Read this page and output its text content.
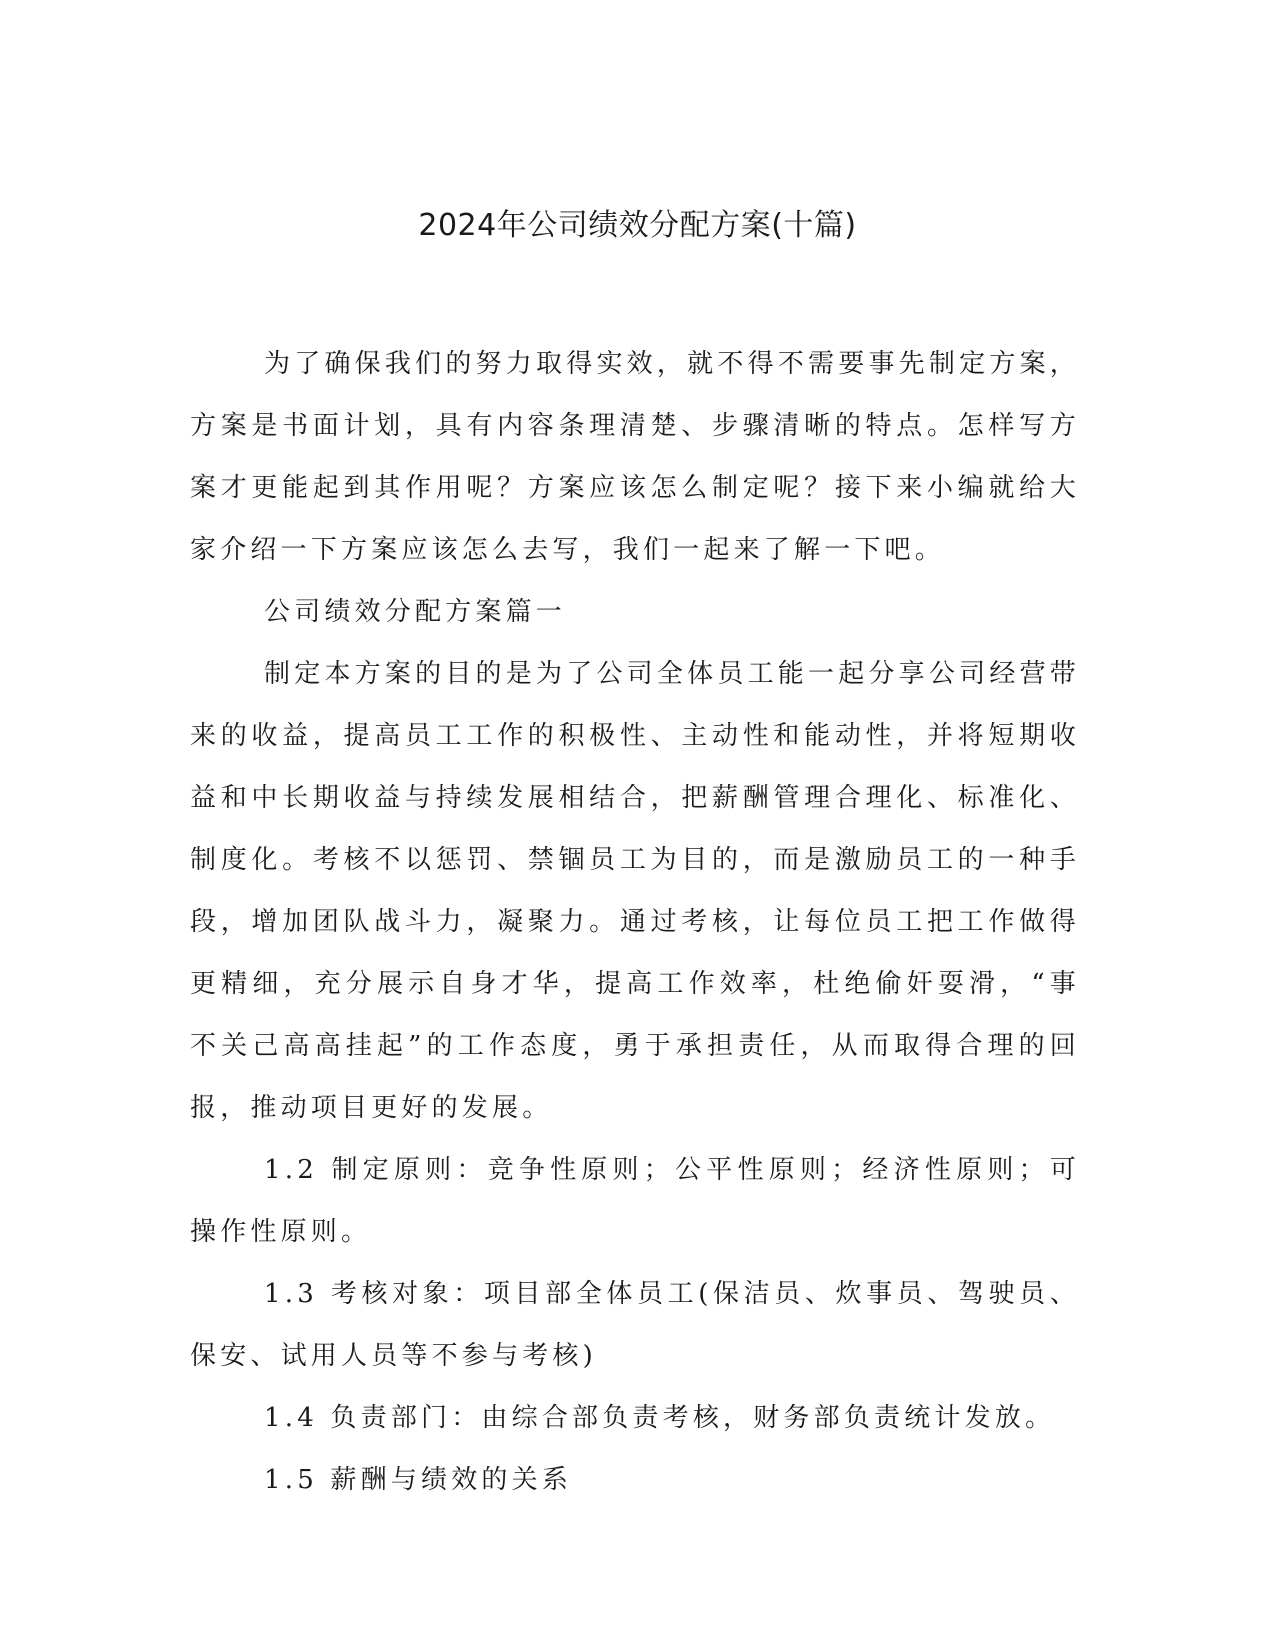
2024年公司绩效分配方案(十篇)

为了确保我们的努力取得实效，就不得不需要事先制定方案，方案是书面计划，具有内容条理清楚、步骤清晰的特点。怎样写方案才更能起到其作用呢？方案应该怎么制定呢？接下来小编就给大家介绍一下方案应该怎么去写，我们一起来了解一下吧。

公司绩效分配方案篇一

制定本方案的目的是为了公司全体员工能一起分享公司经营带来的收益，提高员工工作的积极性、主动性和能动性，并将短期收益和中长期收益与持续发展相结合，把薪酬管理合理化、标准化、制度化。考核不以惩罚、禁锢员工为目的，而是激励员工的一种手段，增加团队战斗力，凝聚力。通过考核，让每位员工把工作做得更精细，充分展示自身才华，提高工作效率，杜绝偷奸耍滑，“事不关己高高挂起”的工作态度，勇于承担责任，从而取得合理的回报，推动项目更好的发展。

1.2 制定原则：竞争性原则；公平性原则；经济性原则；可操作性原则。

1.3 考核对象：项目部全体员工(保洁员、炊事员、驾驶员、保安、试用人员等不参与考核)

1.4 负责部门：由综合部负责考核，财务部负责统计发放。

1.5 薪酬与绩效的关系
